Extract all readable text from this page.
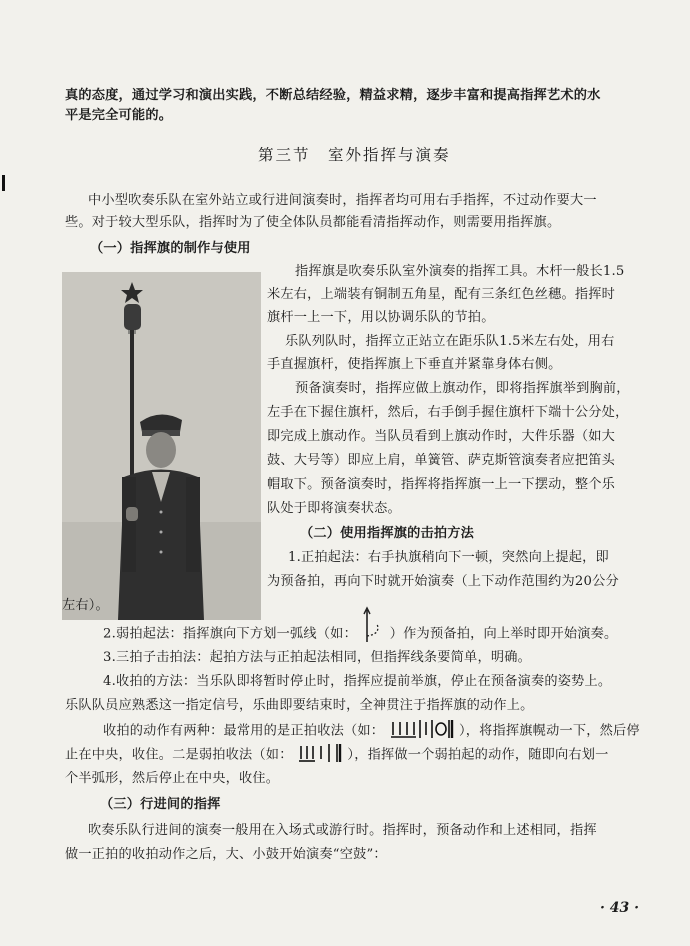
真的态度，通过学习和演出实践，不断总结经验，精益求精，逐步丰富和提高指挥艺术的水
平是完全可能的。
第三节　室外指挥与演奏
中小型吹奏乐队在室外站立或行进间演奏时，指挥者均可用右手指挥，不过动作要大一
些。对于较大型乐队，指挥时为了使全体队员都能看清指挥动作，则需要用指挥旗。
（一）指挥旗的制作与使用
指挥旗是吹奏乐队室外演奏的指挥工具。木杆一般长1.5
米左右，上端装有铜制五角星，配有三条红色丝穗。指挥时
旗杆一上一下，用以协调乐队的节拍。
乐队列队时，指挥立正站立在距乐队1.5米左右处，用右
手直握旗杆，使指挥旗上下垂直并紧靠身体右侧。
预备演奏时，指挥应做上旗动作，即将指挥旗举到胸前，
左手在下握住旗杆，然后，右手倒手握住旗杆下端十公分处，
即完成上旗动作。当队员看到上旗动作时，大件乐器（如大
鼓、大号等）即应上肩，单簧管、萨克斯管演奏者应把笛头
帽取下。预备演奏时，指挥将指挥旗一上一下摆动，整个乐
队处于即将演奏状态。
（二）使用指挥旗的击拍方法
1.正拍起法：右手执旗稍向下一顿，突然向上提起，即
为预备拍，再向下时就开始演奏（上下动作范围约为20公分
左右）。
2.弱拍起法：指挥旗向下方划一弧线（如： ）作为预备拍，向上举时即开始演奏。
3.三拍子击拍法：起拍方法与正拍起法相同，但指挥线条要简单，明确。
4.收拍的方法：当乐队即将暂时停止时，指挥应提前举旗，停止在预备演奏的姿势上。
乐队队员应熟悉这一指定信号，乐曲即要结束时，全神贯注于指挥旗的动作上。
收拍的动作有两种：最常用的是正拍收法（如：	），将指挥旗幌动一下，然后停
止在中央，收住。二是弱拍收法（如：	），指挥做一个弱拍起的动作，随即向右划一
个半弧形，然后停止在中央，收住。
（三）行进间的指挥
吹奏乐队行进间的演奏一般用在入场式或游行时。指挥时，预备动作和上述相同，指挥
做一正拍的收拍动作之后，大、小鼓开始演奏“空鼓”：
· 43 ·
